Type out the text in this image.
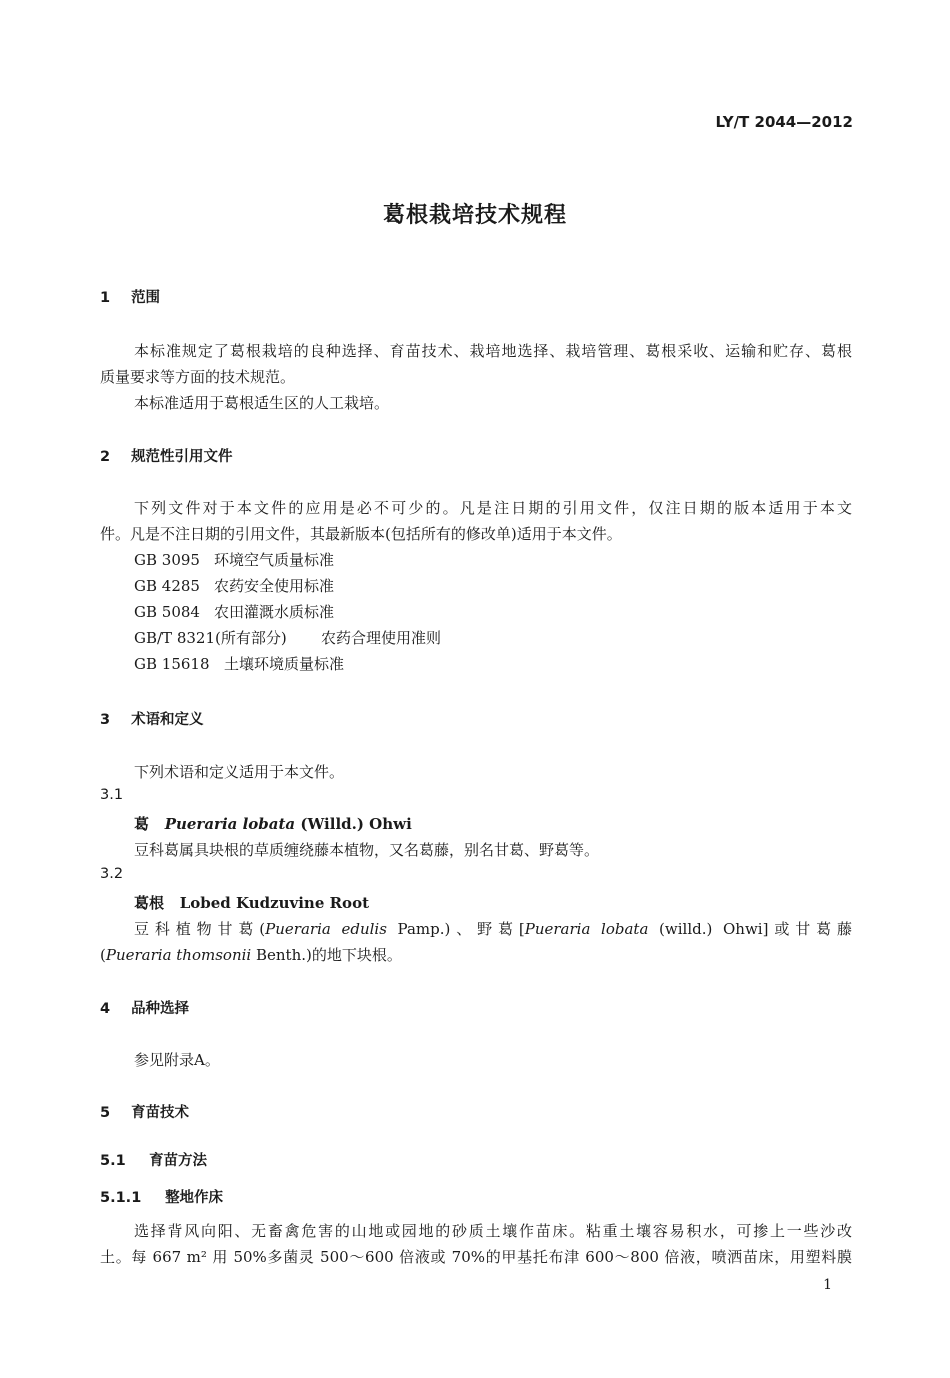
LY/T 2044—2012
葛根栽培技术规程
1 范围
本标准规定了葛根栽培的良种选择、育苗技术、栽培地选择、栽培管理、葛根采收、运输和贮存、葛根
质量要求等方面的技术规范。
本标准适用于葛根适生区的人工栽培。
2 规范性引用文件
下列文件对于本文件的应用是必不可少的。凡是注日期的引用文件，仅注日期的版本适用于本文
件。凡是不注日期的引用文件，其最新版本(包括所有的修改单)适用于本文件。
GB 3095 环境空气质量标准
GB 4285 农药安全使用标准
GB 5084 农田灌溉水质标准
GB/T 8321(所有部分) 农药合理使用准则
GB 15618 土壤环境质量标准
3 术语和定义
下列术语和定义适用于本文件。
3.1
葛 Pueraria lobata (Willd.) Ohwi
豆科葛属具块根的草质缠绕藤本植物，又名葛藤，别名甘葛、野葛等。
3.2
葛根 Lobed Kudzuvine Root
豆科植物甘葛(Pueraria edulis Pamp.)、野葛[Pueraria lobata (willd.) Ohwi]或甘葛藤
(Pueraria thomsonii Benth.)的地下块根。
4 品种选择
参见附录A。
5 育苗技术
5.1 育苗方法
5.1.1 整地作床
选择背风向阳、无畜禽危害的山地或园地的砂质土壤作苗床。粘重土壤容易积水，可掺上一些沙改
土。每 667 m² 用 50%多菌灵 500～600 倍液或 70%的甲基托布津 600～800 倍液，喷洒苗床，用塑料膜
1
